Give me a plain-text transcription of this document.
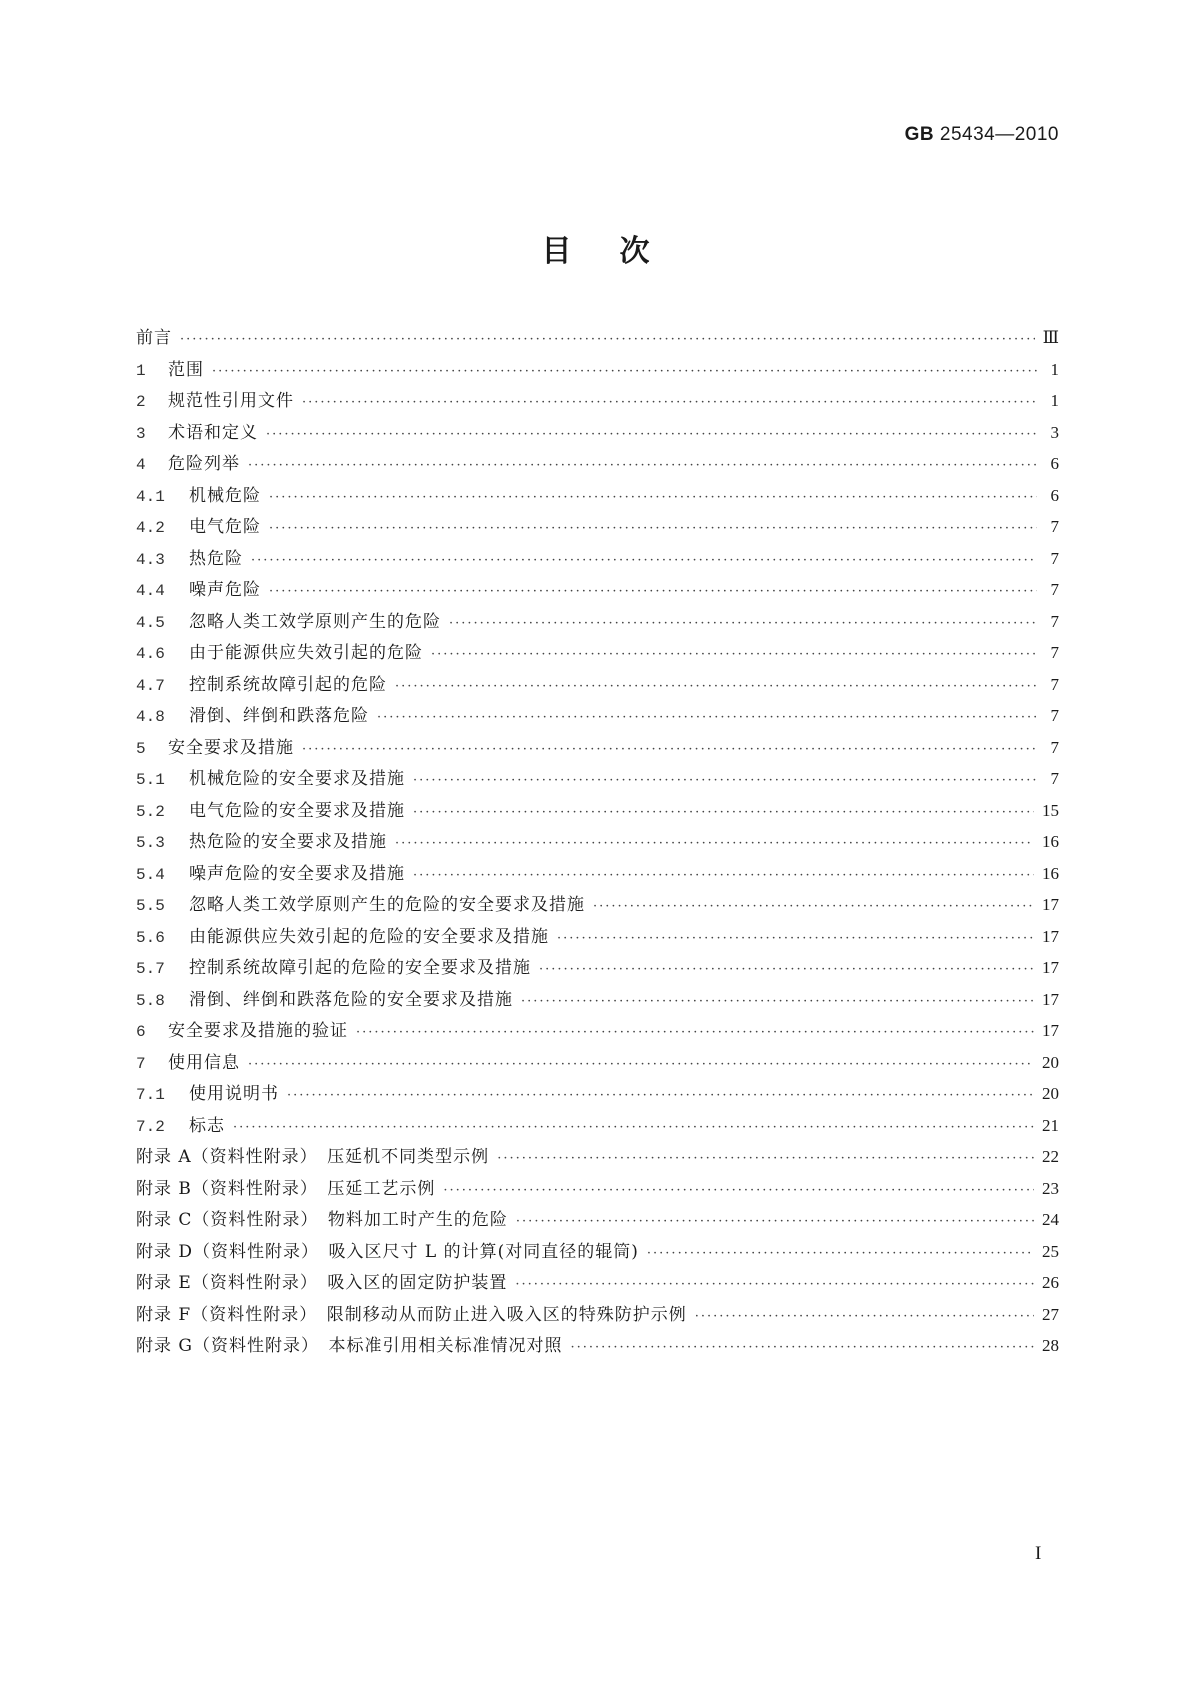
GB 25434—2010
目次
前言 ·····	Ⅲ
1	范围 ·····	1
2	规范性引用文件 ·····	1
3	术语和定义 ·····	3
4	危险列举 ·····	6
4.1	机械危险 ·····	6
4.2	电气危险 ·····	7
4.3	热危险 ·····	7
4.4	噪声危险 ·····	7
4.5	忽略人类工效学原则产生的危险 ·····	7
4.6	由于能源供应失效引起的危险 ·····	7
4.7	控制系统故障引起的危险 ·····	7
4.8	滑倒、绊倒和跌落危险 ·····	7
5	安全要求及措施 ·····	7
5.1	机械危险的安全要求及措施 ·····	7
5.2	电气危险的安全要求及措施 ·····	15
5.3	热危险的安全要求及措施 ·····	16
5.4	噪声危险的安全要求及措施 ·····	16
5.5	忽略人类工效学原则产生的危险的安全要求及措施 ·····	17
5.6	由能源供应失效引起的危险的安全要求及措施 ·····	17
5.7	控制系统故障引起的危险的安全要求及措施 ·····	17
5.8	滑倒、绊倒和跌落危险的安全要求及措施 ·····	17
6	安全要求及措施的验证 ·····	17
7	使用信息 ·····	20
7.1	使用说明书 ·····	20
7.2	标志 ·····	21
附录 A（资料性附录）　压延机不同类型示例 ·····	22
附录 B（资料性附录）　压延工艺示例 ·····	23
附录 C（资料性附录）　物料加工时产生的危险 ·····	24
附录 D（资料性附录）　吸入区尺寸 L 的计算(对同直径的辊筒) ·····	25
附录 E（资料性附录）　吸入区的固定防护装置 ·····	26
附录 F（资料性附录）　限制移动从而防止进入吸入区的特殊防护示例 ·····	27
附录 G（资料性附录）　本标准引用相关标准情况对照 ·····	28
I
